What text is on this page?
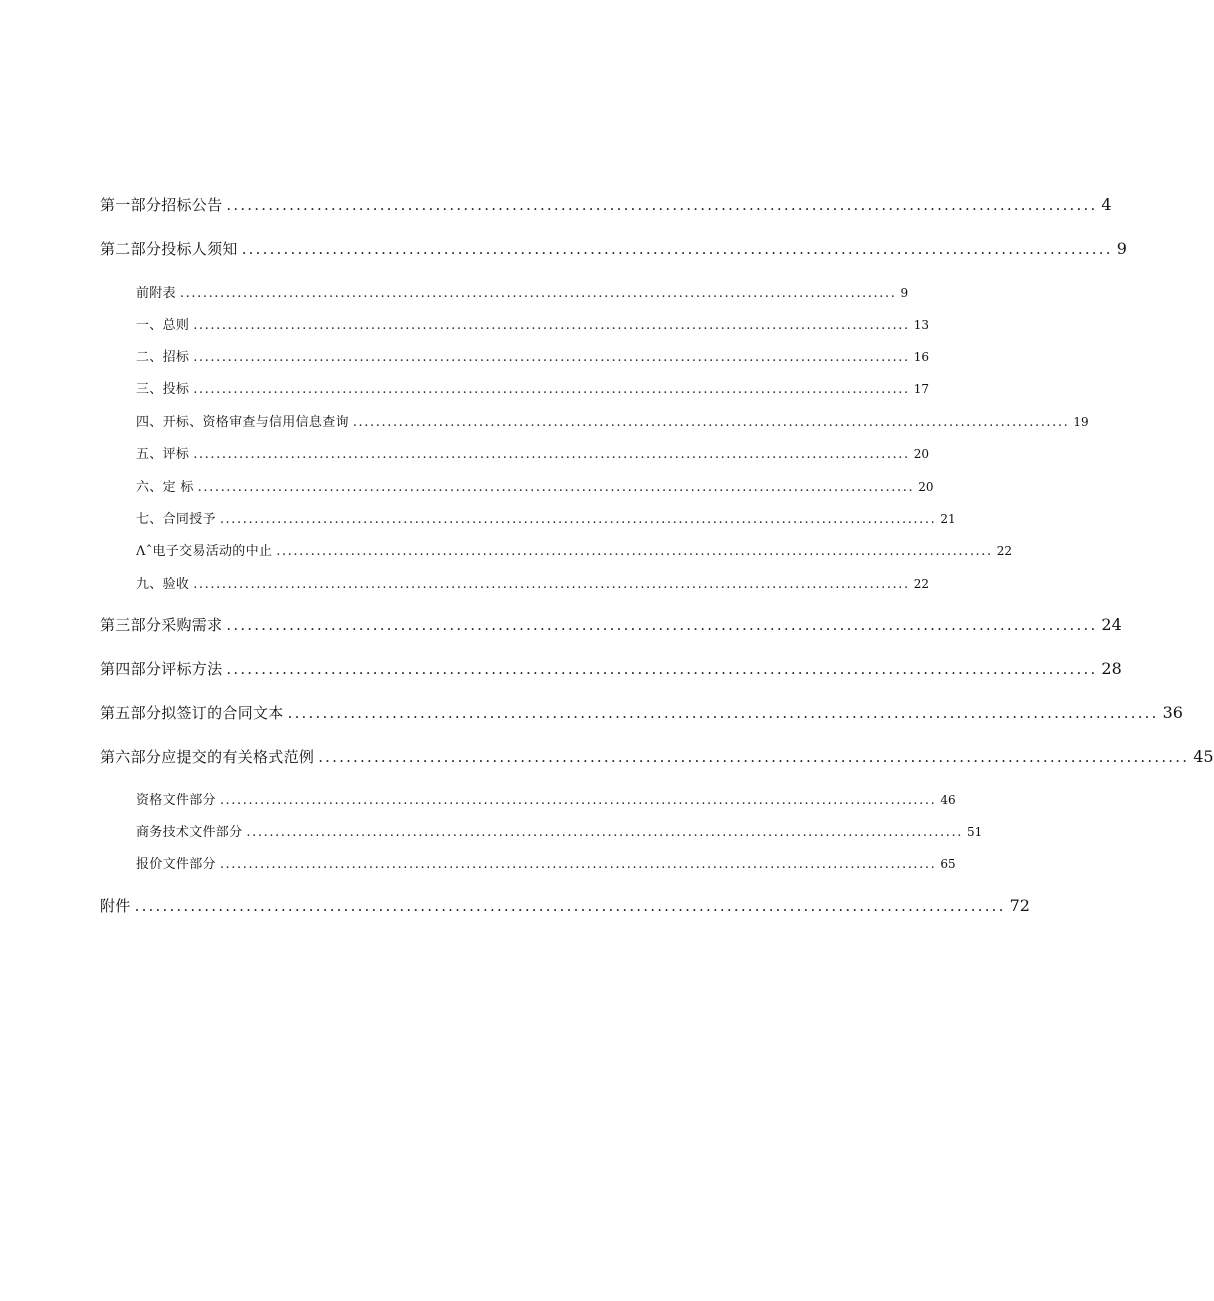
第一部分招标公告 ............................................................................................................................. 4
第二部分投标人须知 ............................................................................................................................. 9
前附表 ............................................................................................................................. 9
一、总则 ............................................................................................................................. 13
二、招标 ............................................................................................................................. 16
三、投标 ............................................................................................................................. 17
四、开标、资格审查与信用信息查询 ............................................................................................................................. 19
五、评标 ............................................................................................................................. 20
六、定 标 ............................................................................................................................. 20
七、合同授予 ............................................................................................................................. 21
Λˆ电子交易活动的中止 ............................................................................................................................. 22
九、验收 ............................................................................................................................. 22
第三部分采购需求 ............................................................................................................................. 24
第四部分评标方法 ............................................................................................................................. 28
第五部分拟签订的合同文本 ............................................................................................................................. 36
第六部分应提交的有关格式范例 ............................................................................................................................. 45
资格文件部分 ............................................................................................................................. 46
商务技术文件部分 ............................................................................................................................. 51
报价文件部分 ............................................................................................................................. 65
附件 ............................................................................................................................. 72
